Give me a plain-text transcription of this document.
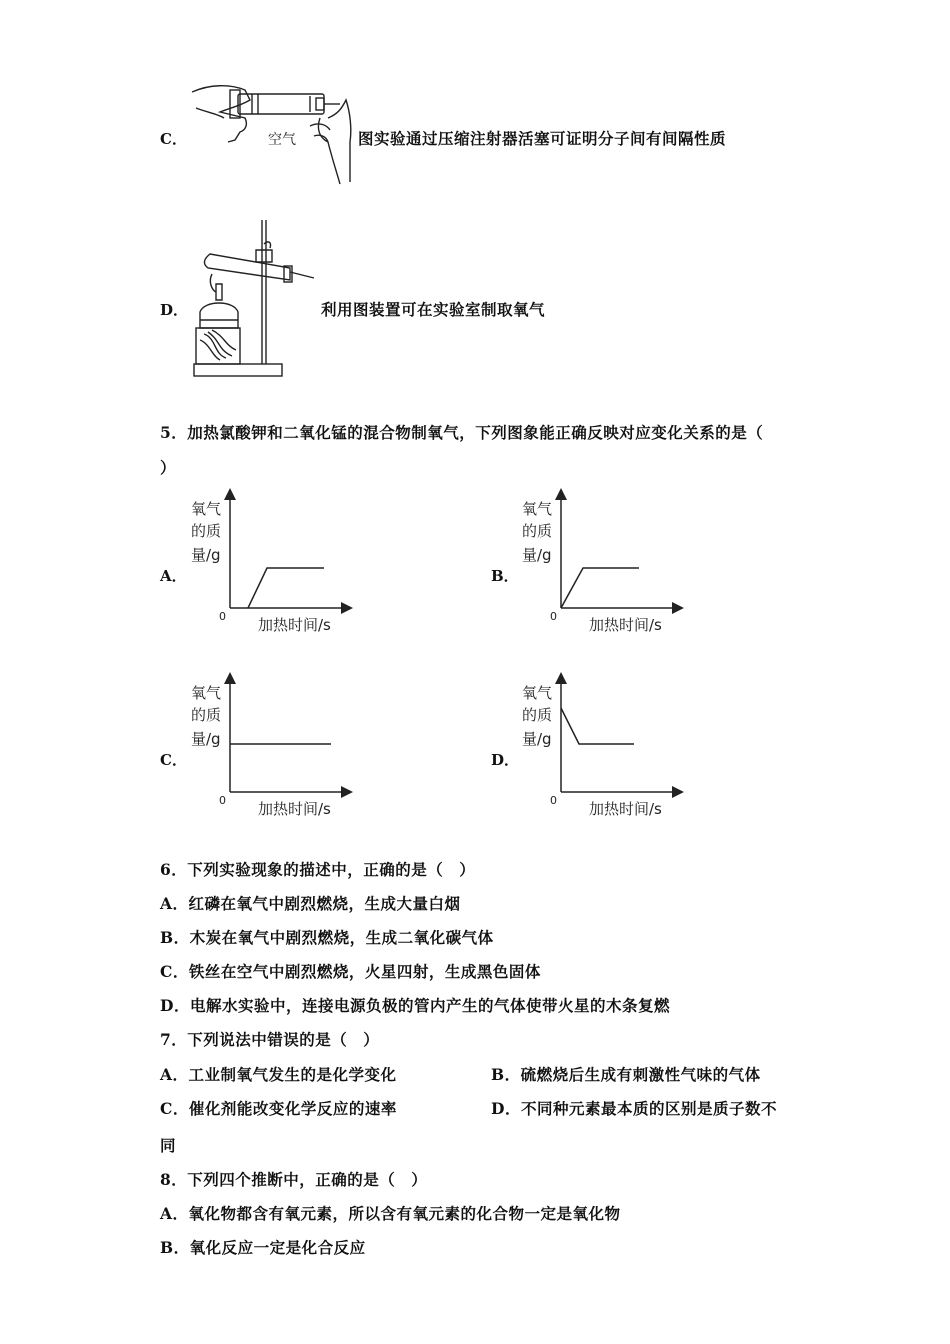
C．	空气	图实验通过压缩注射器活塞可证明分子间有间隔性质
D．	利用图装置可在实验室制取氧气
5．加热氯酸钾和二氧化锰的混合物制氧气，下列图象能正确反映对应变化关系的是（
）
A．
氧气
的质
量/g
0 加热时间/s
B．
氧气
的质
量/g
0 加热时间/s
C．
氧气
的质
量/g
0 加热时间/s
D．
氧气
的质
量/g
0 加热时间/s
6．下列实验现象的描述中，正确的是（　）
A．红磷在氧气中剧烈燃烧，生成大量白烟
B．木炭在氧气中剧烈燃烧，生成二氧化碳气体
C．铁丝在空气中剧烈燃烧，火星四射，生成黑色固体
D．电解水实验中，连接电源负极的管内产生的气体使带火星的木条复燃
7．下列说法中错误的是（　）
A．工业制氧气发生的是化学变化	B．硫燃烧后生成有刺激性气味的气体
C．催化剂能改变化学反应的速率	D．不同种元素最本质的区别是质子数不
同
8．下列四个推断中，正确的是（　）
A．氧化物都含有氧元素，所以含有氧元素的化合物一定是氧化物
B．氧化反应一定是化合反应
